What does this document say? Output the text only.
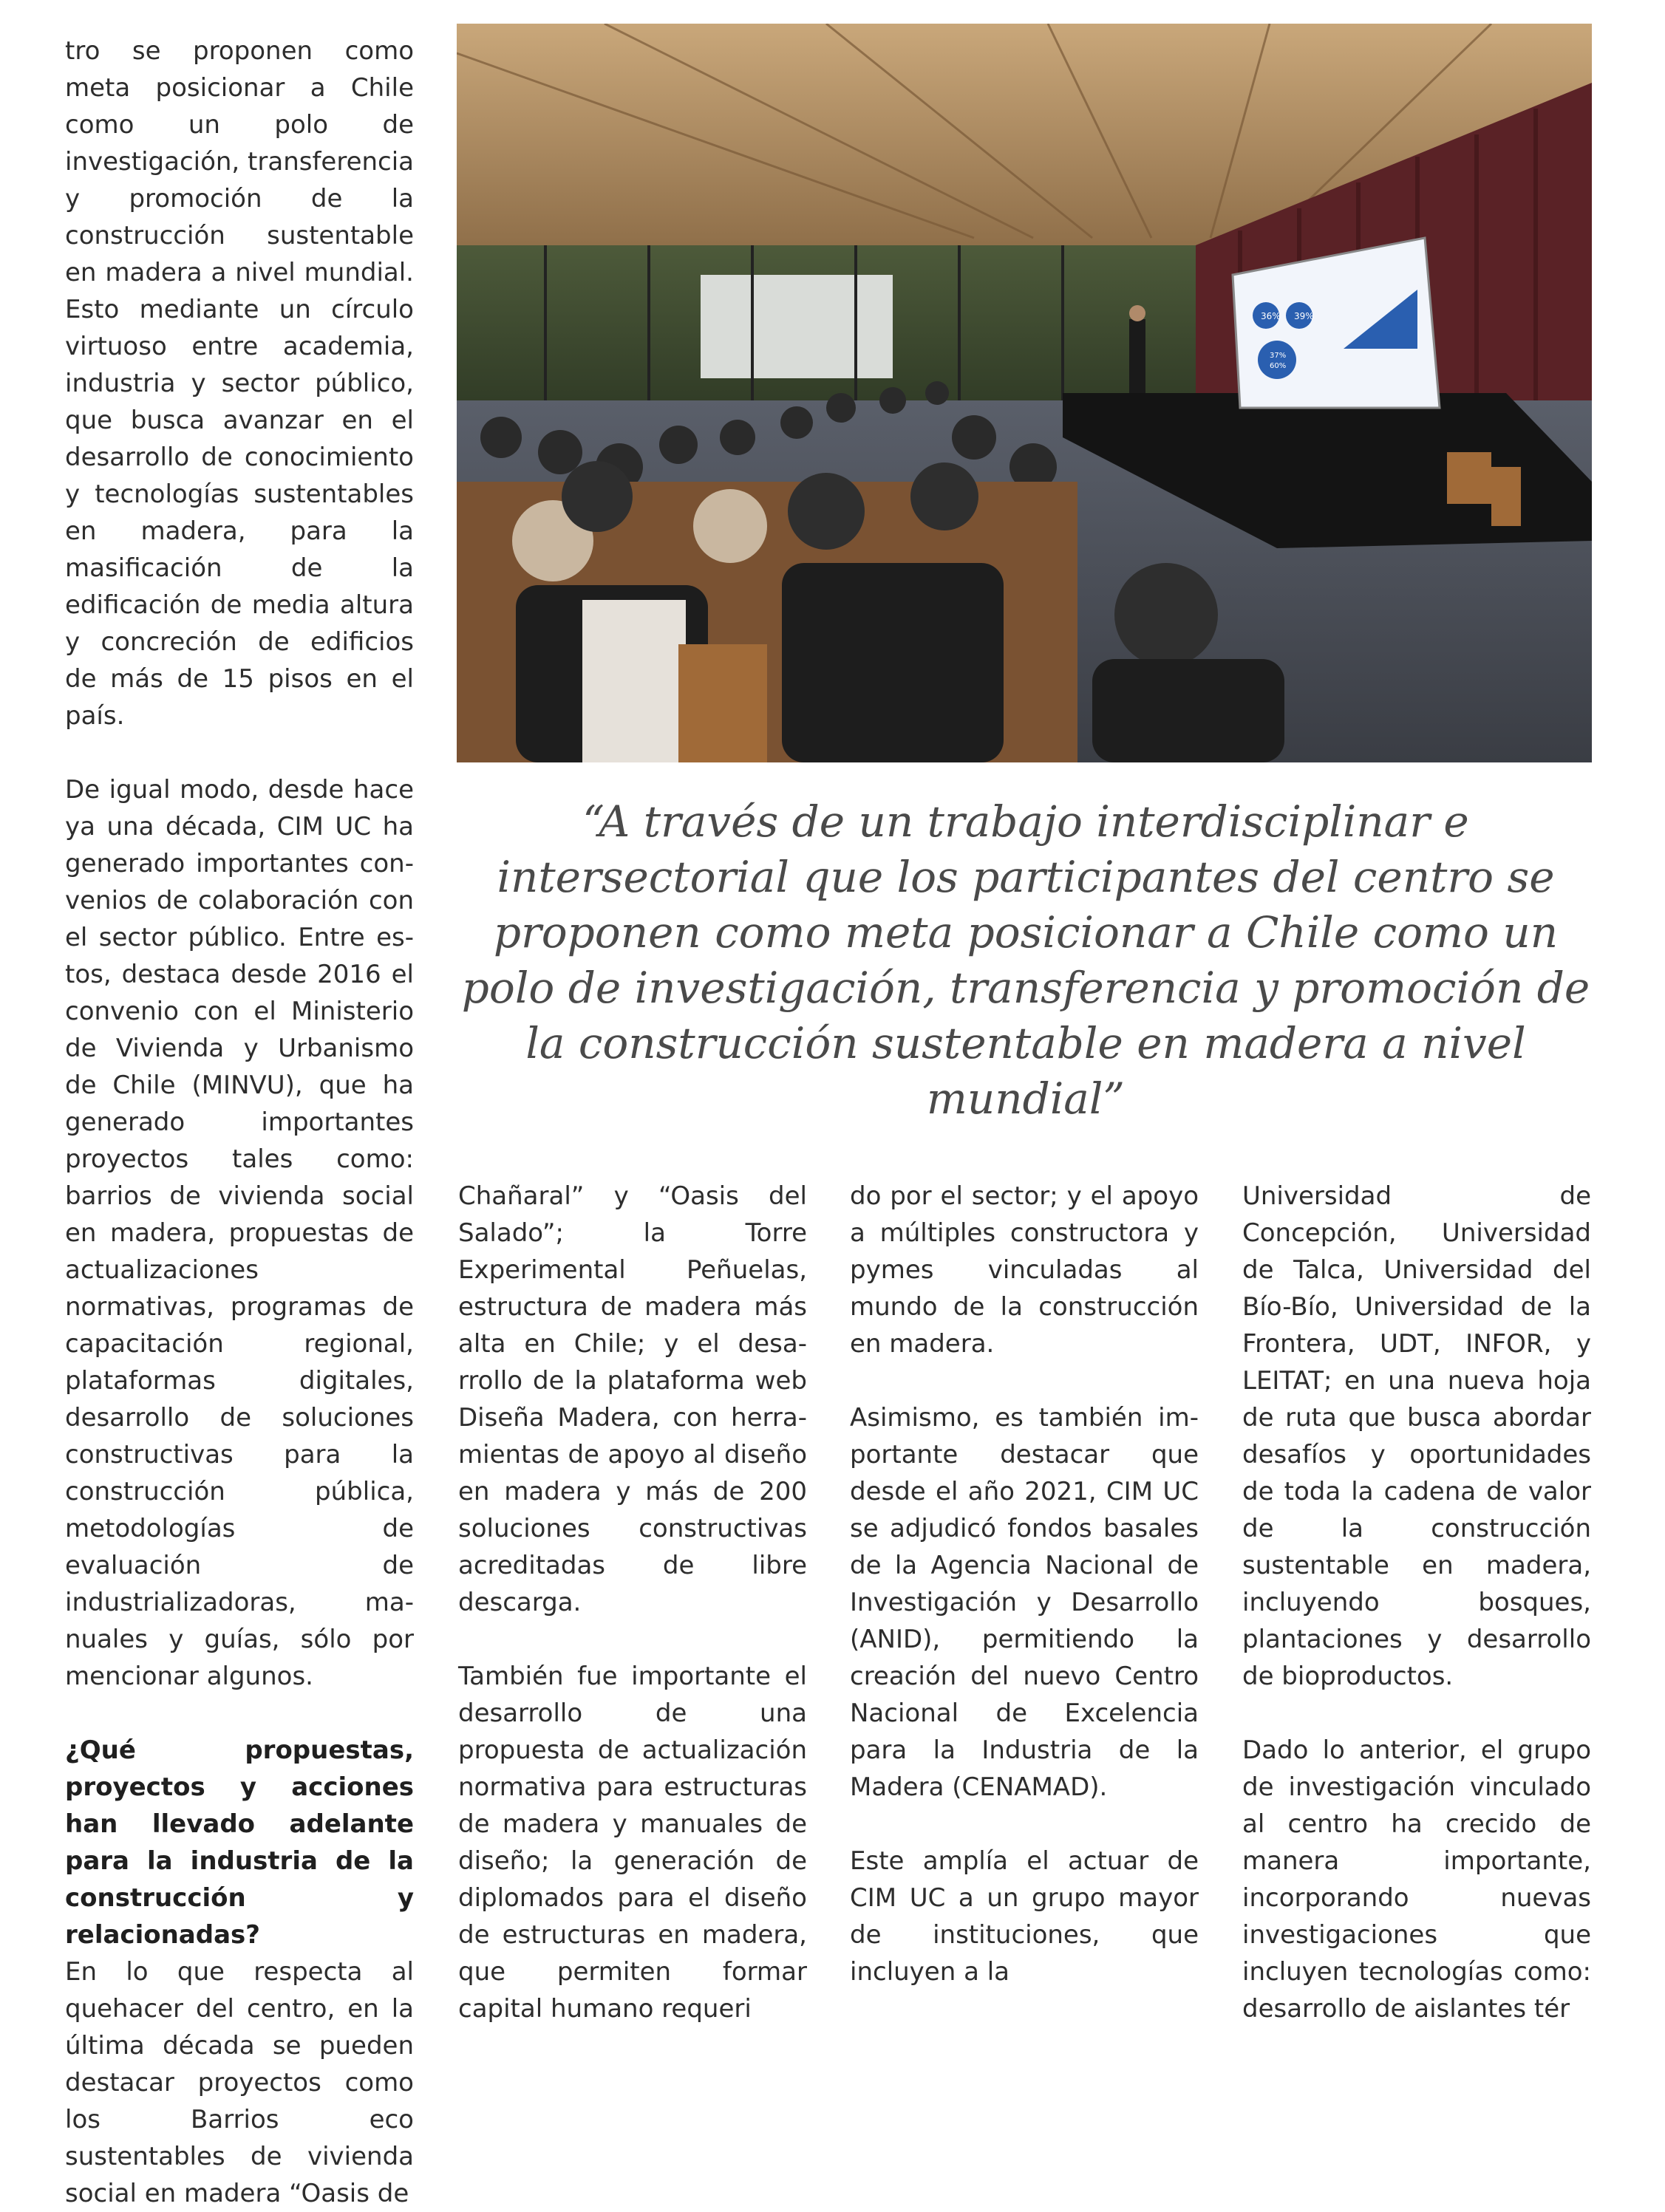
tro se proponen como meta posicionar a Chile como un polo de investigación, transferencia y promoción de la construcción sustentable en madera a nivel mundial. Esto mediante un círculo virtuoso entre academia, industria y sector público, que busca avanzar en el desarrollo de conocimiento y tecnologías sustentables en madera, para la masificación de la edificación de media altura y concreción de edificios de más de 15 pisos en el país.

De igual modo, desde hace ya una década, CIM UC ha generado importantes convenios de colaboración con el sector público. Entre estos, destaca desde 2016 el convenio con el Ministerio de Vivienda y Urbanismo de Chile (MINVU), que ha generado importantes proyectos tales como: barrios de vivienda social en madera, propuestas de actualizaciones normativas, programas de capacitación regional, plataformas digitales, desarrollo de soluciones constructivas para la construcción pública, metodologías de evaluación de industrializadoras, manuales y guías, sólo por mencionar algunos.

¿Qué propuestas, proyectos y acciones han llevado adelante para la industria de la construcción y relacionadas?

En lo que respecta al quehacer del centro, en la última década se pueden destacar proyectos como los Barrios eco sustentables de vivienda social en madera “Oasis de

36% 39%
37%
60%
“A través de un trabajo interdisciplinar e intersectorial que los participantes del centro se proponen como meta posicionar a Chile como un polo de investigación, transferencia y promoción de la construcción sustentable en madera a nivel mundial”

Chañaral” y “Oasis del Salado”; la Torre Experimental Peñuelas, estructura de madera más alta en Chile; y el desarrollo de la plataforma web Diseña Madera, con herramientas de apoyo al diseño en madera y más de 200 soluciones constructivas acreditadas de libre descarga.

También fue importante el desarrollo de una propuesta de actualización normativa para estructuras de madera y manuales de diseño; la generación de diplomados para el diseño de estructuras en madera, que permiten formar capital humano requeri

do por el sector; y el apoyo a múltiples constructora y pymes vinculadas al mundo de la construcción en madera.

Asimismo, es también importante destacar que desde el año 2021, CIM UC se adjudicó fondos basales de la Agencia Nacional de Investigación y Desarrollo (ANID), permitiendo la creación del nuevo Centro Nacional de Excelencia para la Industria de la Madera (CENAMAD).

Este amplía el actuar de CIM UC a un grupo mayor de instituciones, que incluyen a la

Universidad de Concepción, Universidad de Talca, Universidad del Bío-Bío, Universidad de la Frontera, UDT, INFOR, y LEITAT; en una nueva hoja de ruta que busca abordar desafíos y oportunidades de toda la cadena de valor de la construcción sustentable en madera, incluyendo bosques, plantaciones y desarrollo de bioproductos.

Dado lo anterior, el grupo de investigación vinculado al centro ha crecido de manera importante, incorporando nuevas investigaciones que incluyen tecnologías como: desarrollo de aislantes tér
